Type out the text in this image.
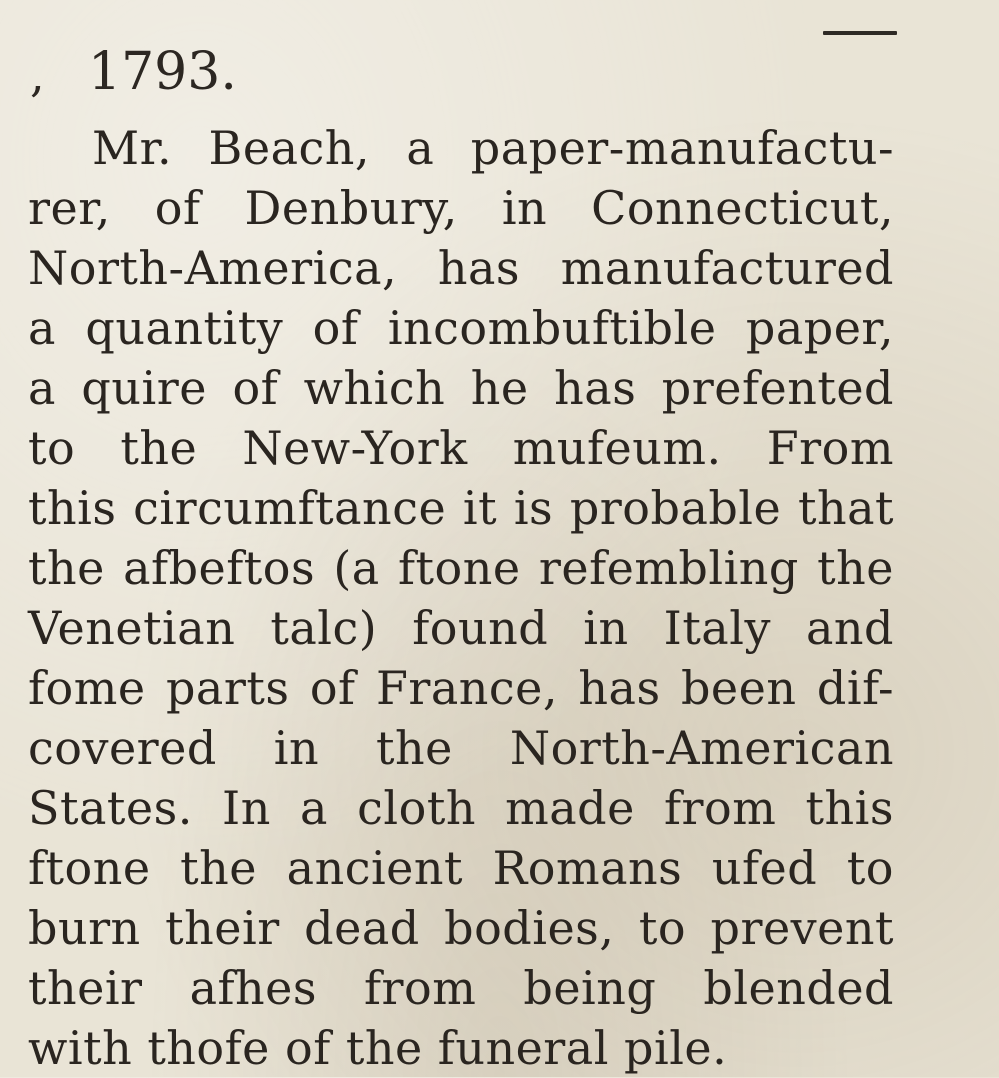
, 1793.
Mr. Beach, a paper-manufactu-
rer, of Denbury, in Connecticut,
North-America, has manufactured
a quantity of incombuftible paper,
a quire of which he has prefented
to the New-York mufeum. From
this circumftance it is probable that
the afbeftos (a ftone refembling the
Venetian talc) found in Italy and
fome parts of France, has been dif-
covered in the North-American
States. In a cloth made from this
ftone the ancient Romans ufed to
burn their dead bodies, to prevent
their afhes from being blended
with thofe of the funeral pile.
